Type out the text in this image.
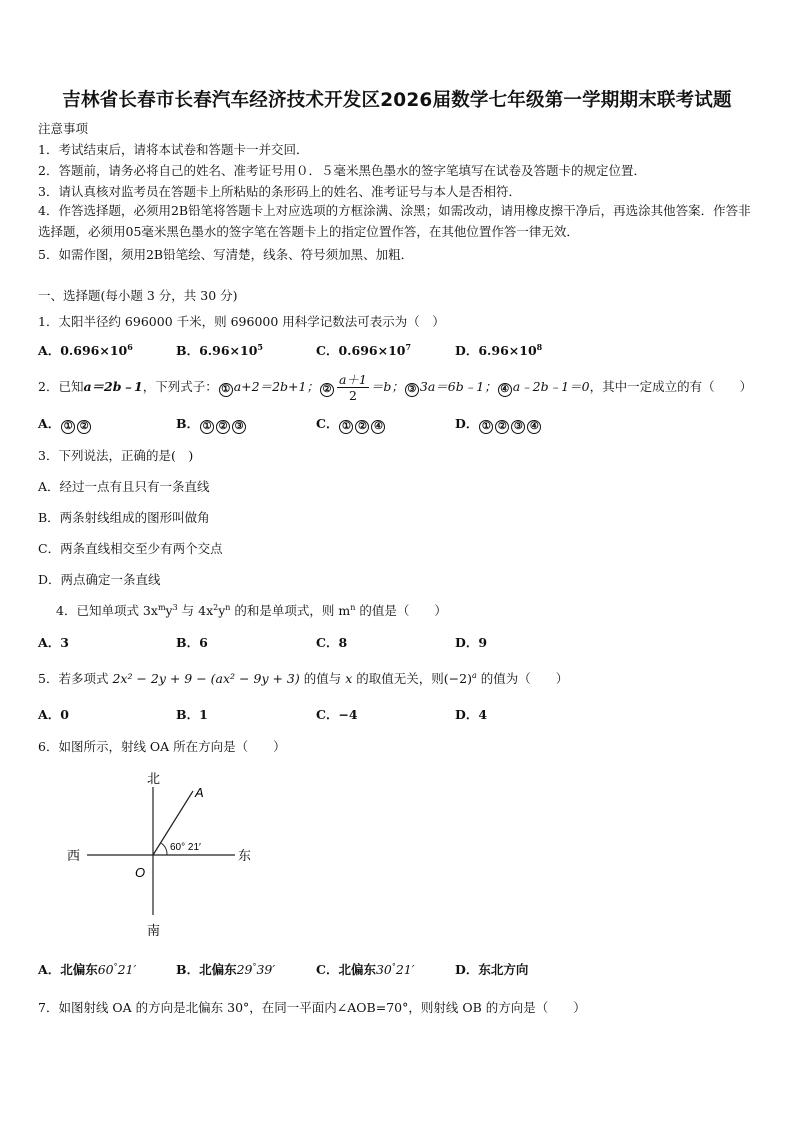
吉林省长春市长春汽车经济技术开发区2026届数学七年级第一学期期末联考试题
注意事项
1．考试结束后，请将本试卷和答题卡一并交回．
2．答题前，请务必将自己的姓名、准考证号用０．５毫米黑色墨水的签字笔填写在试卷及答题卡的规定位置．
3．请认真核对监考员在答题卡上所粘贴的条形码上的姓名、准考证号与本人是否相符．
4．作答选择题，必须用2B铅笔将答题卡上对应选项的方框涂满、涂黑；如需改动，请用橡皮擦干净后，再选涂其他答案．作答非选择题，必须用05毫米黑色墨水的签字笔在答题卡上的指定位置作答，在其他位置作答一律无效．
5．如需作图，须用2B铅笔绘、写清楚，线条、符号须加黑、加粗．
一、选择题(每小题 3 分，共 30 分)
1．太阳半径约 696000 千米，则 696000 用科学记数法可表示为（　）
A．$0.696\times 10^6$	B．$6.96\times 10^5$	C．$0.696\times 10^7$	D．$6.96\times 10^8$
2．已知a＝2b﹣1，下列式子： ① a+2＝2b+1； ② $\frac{a+1}{2} =b$； ③ 3a＝6b﹣1； ④ a﹣2b﹣1＝0，其中一定成立的有（　　）
A． ① ②	B． ① ② ③	C． ① ② ④	D． ① ② ③ ④
3．下列说法，正确的是(　)
A．经过一点有且只有一条直线
B．两条射线组成的图形叫做角
C．两条直线相交至少有两个交点
D．两点确定一条直线
4．已知单项式 $3x^my^3$ 与 $4x^2y^n$ 的和是单项式，则 $m^n$ 的值是（　　）
A．3	B．6	C．8	D．9
5．若多项式 2x² − 2y + 9 − (ax² − 9y + 3) 的值与 x 的取值无关，则$(-2)^a$ 的值为（　　）
A．0	B．1	C．−4	D．4
6．如图所示，射线 OA 所在方向是（　　）
北
南
西	东
O
A
60° 21′
A．北偏东60°21′	B．北偏东29°39′	C．北偏东30°21′	D．东北方向
7．如图射线 OA 的方向是北偏东 30°，在同一平面内∠AOB=70°，则射线 OB 的方向是（　　）
